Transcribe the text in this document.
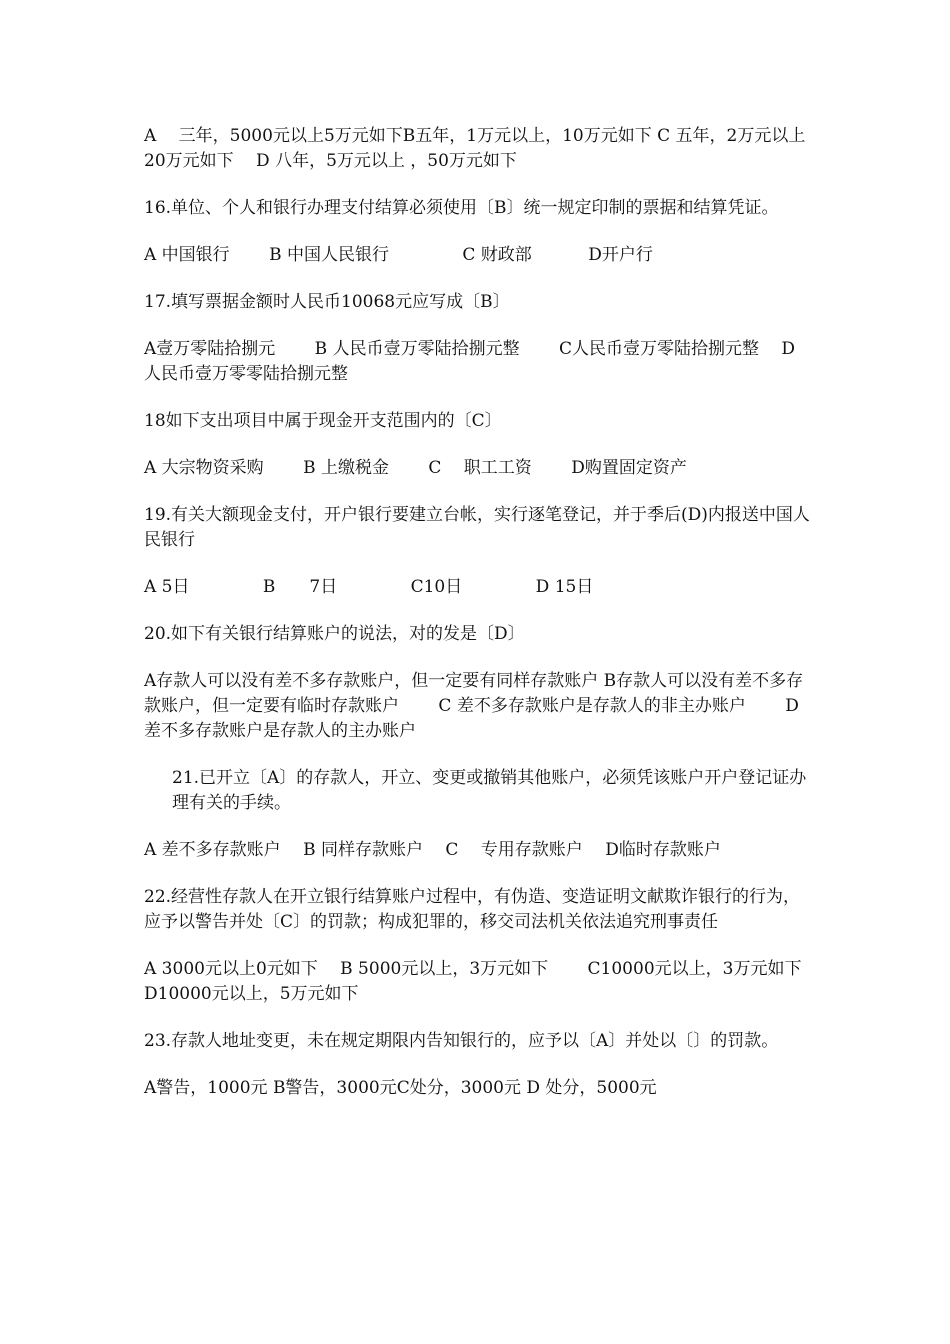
A　 三年，5000元以上5万元如下B五年，1万元以上，10万元如下 C 五年，2万元以上20万元如下　 D 八年，5万元以上 ，50万元如下

16.单位、个人和银行办理支付结算必须使用〔B〕统一规定印制的票据和结算凭证。

A 中国银行　　 B 中国人民银行　　　　 C 财政部　　　 D开户行

17.填写票据金额时人民币10068元应写成〔B〕

A壹万零陆拾捌元　　 B 人民币壹万零陆拾捌元整　　 C人民币壹万零陆拾捌元整　 D　　 人民币壹万零零陆拾捌元整

18如下支出项目中属于现金开支范围内的〔C〕

A 大宗物资采购　　 B 上缴税金　　 C　 职工工资　　 D购置固定资产

19.有关大额现金支付，开户银行要建立台帐，实行逐笔登记，并于季后(D)内报送中国人民银行

A 5日　　　　 B　　7日　　　　 C10日　　　　 D 15日

20.如下有关银行结算账户的说法，对的发是〔D〕

A存款人可以没有差不多存款账户，但一定要有同样存款账户 B存款人可以没有差不多存款账户，但一定要有临时存款账户　　 C 差不多存款账户是存款人的非主办账户　　 D差不多存款账户是存款人的主办账户

21.已开立〔A〕的存款人，开立、变更或撤销其他账户，必须凭该账户开户登记证办理有关的手续。

A 差不多存款账户　 B 同样存款账户　 C　 专用存款账户　 D临时存款账户

22.经营性存款人在开立银行结算账户过程中，有伪造、变造证明文献欺诈银行的行为，应予以警告并处〔C〕的罚款；构成犯罪的，移交司法机关依法追究刑事责任

A 3000元以上0元如下　 B 5000元以上，3万元如下　　 C10000元以上，3万元如下　 D10000元以上，5万元如下

23.存款人地址变更，未在规定期限内告知银行的，应予以〔A〕并处以〔〕的罚款。

A警告，1000元 B警告，3000元C处分，3000元 D 处分，5000元
